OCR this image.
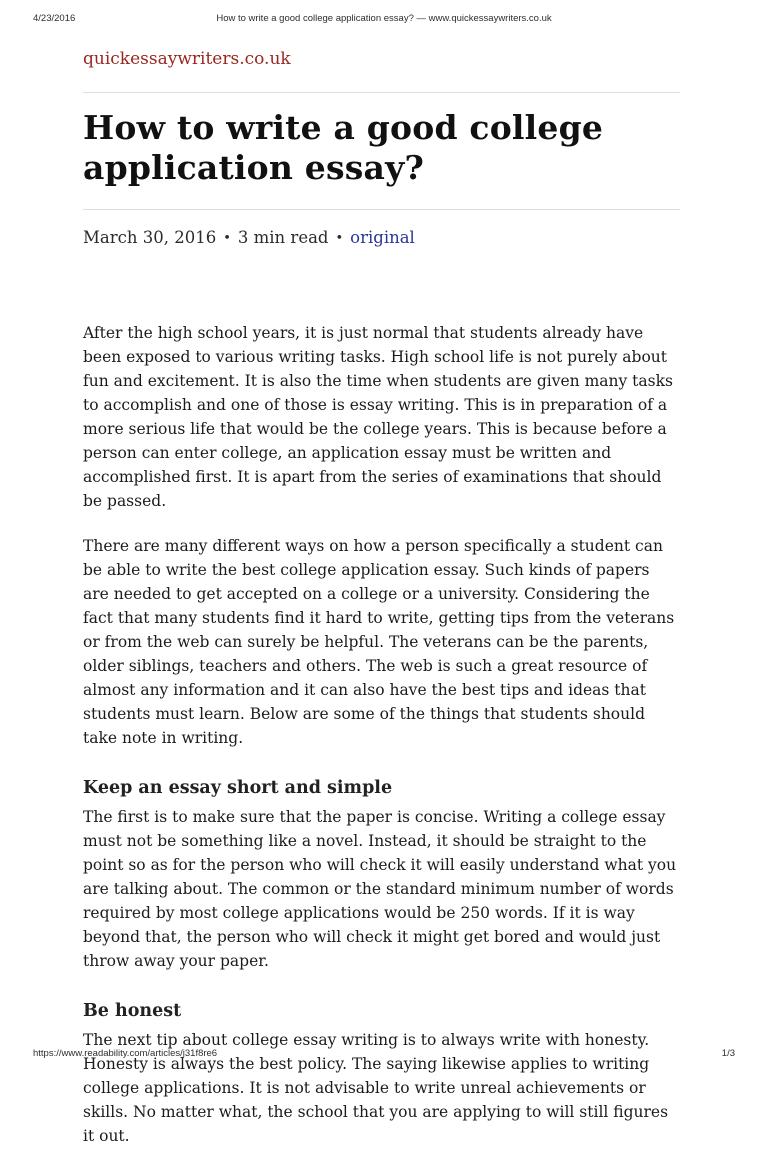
4/23/2016	How to write a good college application essay? — www.quickessaywriters.co.uk
quickessaywriters.co.uk
How to write a good college application essay?
March 30, 2016 • 3 min read • original

After the high school years, it is just normal that students already have been exposed to various writing tasks. High school life is not purely about fun and excitement. It is also the time when students are given many tasks to accomplish and one of those is essay writing. This is in preparation of a more serious life that would be the college years. This is because before a person can enter college, an application essay must be written and accomplished first. It is apart from the series of examinations that should be passed.

There are many different ways on how a person specifically a student can be able to write the best college application essay. Such kinds of papers are needed to get accepted on a college or a university. Considering the fact that many students find it hard to write, getting tips from the veterans or from the web can surely be helpful. The veterans can be the parents, older siblings, teachers and others. The web is such a great resource of almost any information and it can also have the best tips and ideas that students must learn. Below are some of the things that students should take note in writing.

Keep an essay short and simple

The first is to make sure that the paper is concise. Writing a college essay must not be something like a novel. Instead, it should be straight to the point so as for the person who will check it will easily understand what you are talking about. The common or the standard minimum number of words required by most college applications would be 250 words. If it is way beyond that, the person who will check it might get bored and would just throw away your paper.

Be honest

The next tip about college essay writing is to always write with honesty. Honesty is always the best policy. The saying likewise applies to writing college applications. It is not advisable to write unreal achievements or skills. No matter what, the school that you are applying to will still figures it out.

https://www.readability.com/articles/j31f8re6	1/3
